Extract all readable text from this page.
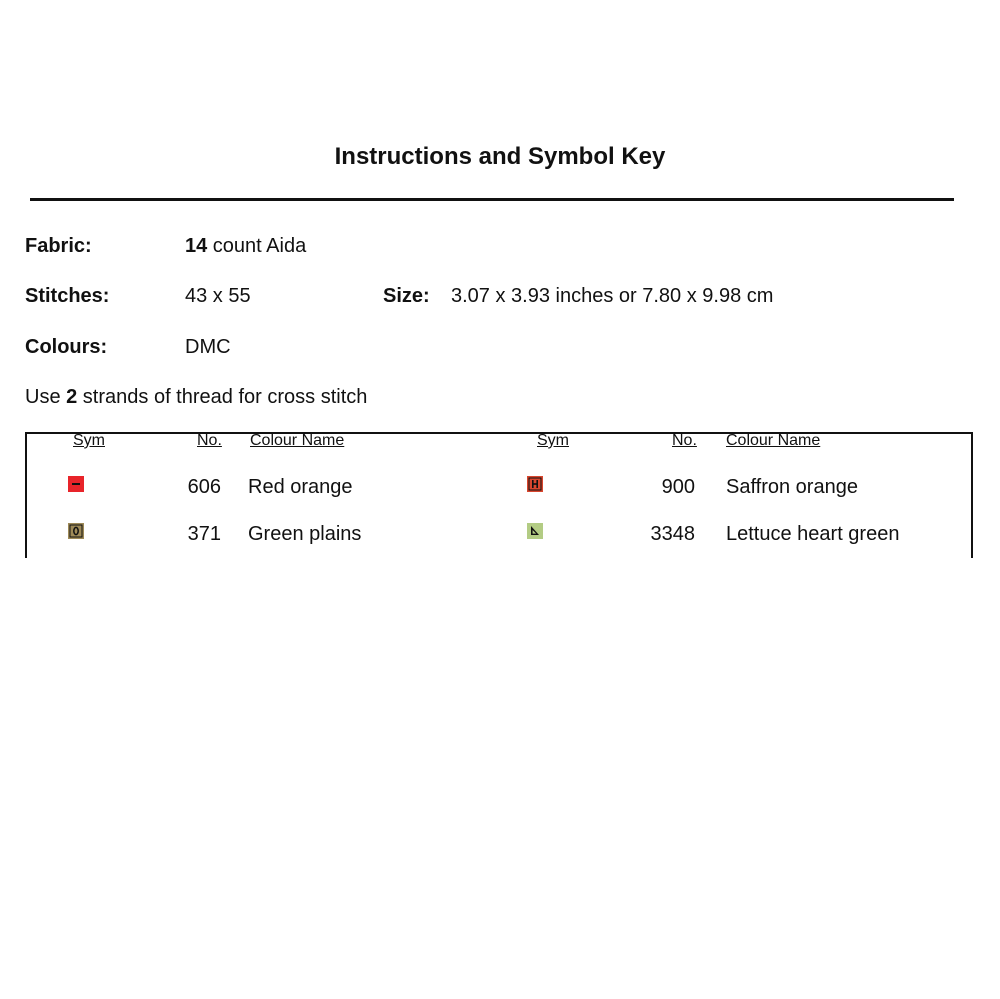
Instructions and Symbol Key
Fabric:	14 count Aida
Stitches:	43 x 55	Size: 3.07 x 3.93 inches or 7.80 x 9.98 cm
Colours:	DMC
Use 2 strands of thread for cross stitch
Sym	No. Colour Name	Sym	No. Colour Name
606 Red orange	900 Saffron orange
371 Green plains	3348 Lettuce heart green
